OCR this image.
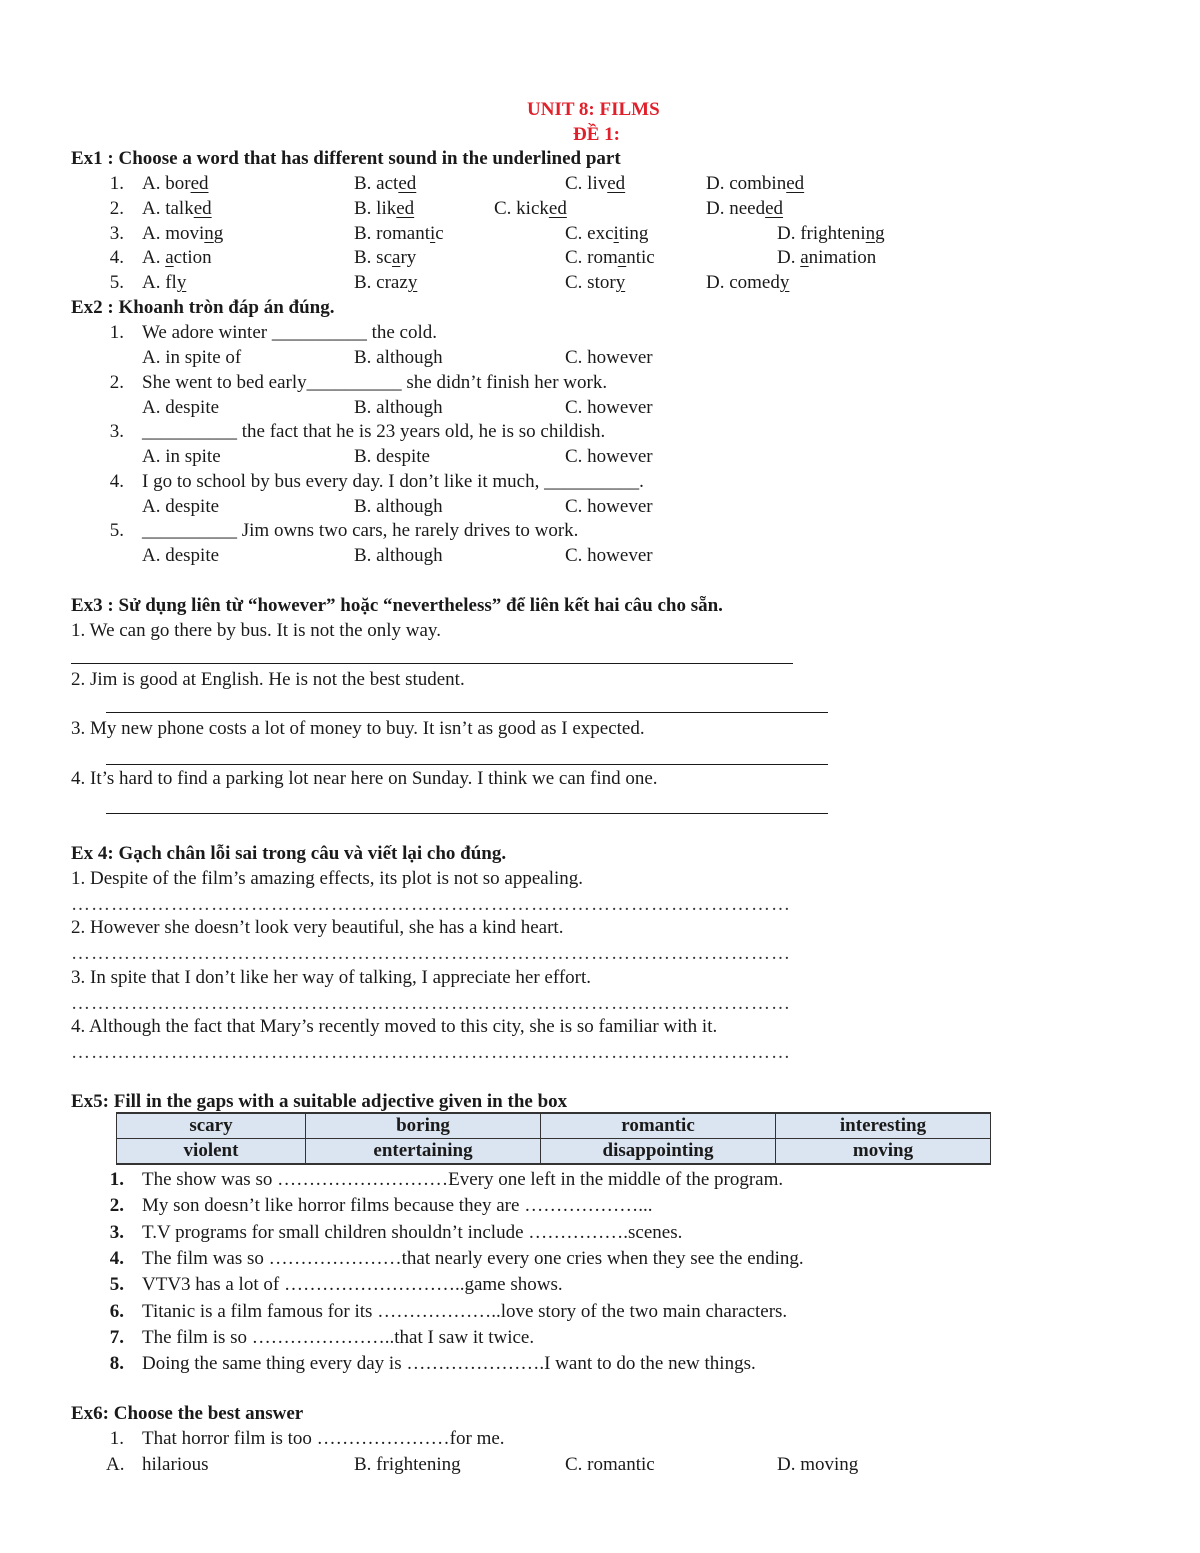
UNIT 8: FILMS
ĐỀ 1:
Ex1 : Choose a word that has different sound in the underlined part
Ex2 : Khoanh tròn đáp án đúng.
Ex3 : Sử dụng liên từ “however” hoặc “nevertheless” để liên kết hai câu cho sẵn.
1. We can go there by bus. It is not the only way.
2. Jim is good at English. He is not the best student.
3. My new phone costs a lot of money to buy. It isn’t as good as I expected.
4. It’s hard to find a parking lot near here on Sunday. I think we can find one.
Ex 4: Gạch chân lỗi sai trong câu và viết lại cho đúng.
1. Despite of the film’s amazing effects, its plot is not so appealing.
………………………………………………………………………………………………
2. However she doesn’t look very beautiful, she has a kind heart.
………………………………………………………………………………………………
3. In spite that I don’t like her way of talking, I appreciate her effort.
………………………………………………………………………………………………
4. Although the fact that Mary’s recently moved to this city, she is so familiar with it.
………………………………………………………………………………………………
Ex5: Fill in the gaps with a suitable adjective given in the box
scary	boring	romantic	interesting
violent	entertaining	disappointing	moving
Ex6: Choose the best answer
1. That horror film is too …………………for me.
A. hilarious	B. frightening	C. romantic	D. moving
1. A. bored	B. acted	C. lived	D. combined
2. A. talked	B. liked	C. kicked	D. needed
3. A. moving	B. romantic	C. exciting	D. frightening
4. A. action	B. scary	C. romantic	D. animation
5. A. fly	B. crazy	C. story	D. comedy
1. We adore winter __________ the cold.
A. in spite of	B. although	C. however
2. She went to bed early__________ she didn’t finish her work.
A. despite	B. although	C. however
3. __________ the fact that he is 23 years old, he is so childish.
A. in spite	B. despite	C. however
4. I go to school by bus every day. I don’t like it much, __________.
A. despite	B. although	C. however
5. __________ Jim owns two cars, he rarely drives to work.
A. despite	B. although	C. however
1. The show was so ………………………Every one left in the middle of the program.
2. My son doesn’t like horror films because they are ………………...
3. T.V programs for small children shouldn’t include …………….scenes.
4. The film was so …………………that nearly every one cries when they see the ending.
5. VTV3 has a lot of ………………………..game shows.
6. Titanic is a film famous for its ………………..love story of the two main characters.
7. The film is so …………………..that I saw it twice.
8. Doing the same thing every day is ………………….I want to do the new things.
